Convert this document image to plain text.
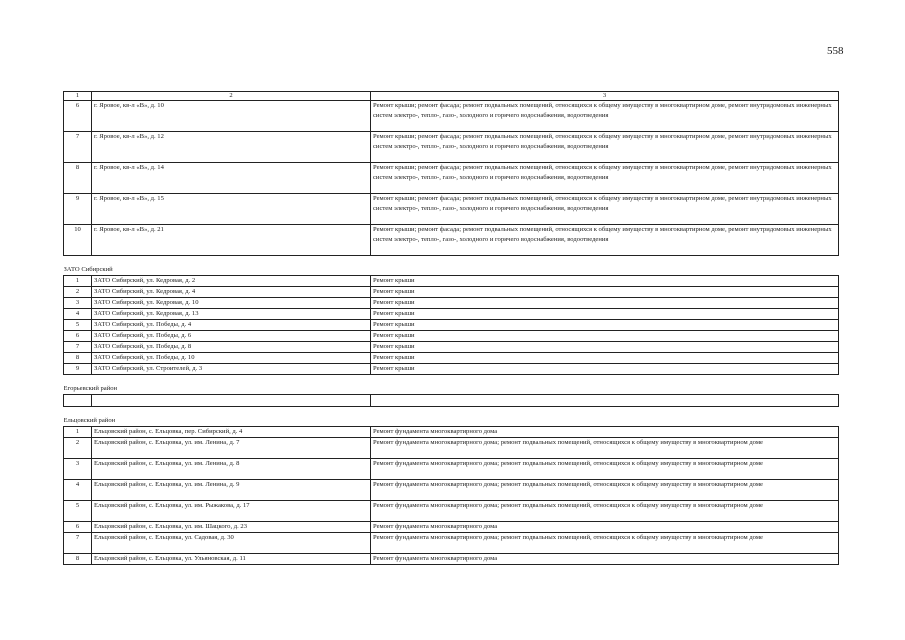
558
1	2	3
6	г. Яровое, кв-л «В», д. 10	Ремонт крыши; ремонт фасада; ремонт подвальных помещений, относящихся к общему имуществу в многоквартирном доме, ремонт внутридомовых инженерных систем электро-, тепло-, газо-, холодного и горячего водоснабжения, водоотведения
7	г. Яровое, кв-л «В», д. 12	Ремонт крыши; ремонт фасада; ремонт подвальных помещений, относящихся к общему имуществу в многоквартирном доме, ремонт внутридомовых инженерных систем электро-, тепло-, газо-, холодного и горячего водоснабжения, водоотведения
8	г. Яровое, кв-л «В», д. 14	Ремонт крыши; ремонт фасада; ремонт подвальных помещений, относящихся к общему имуществу в многоквартирном доме, ремонт внутридомовых инженерных систем электро-, тепло-, газо-, холодного и горячего водоснабжения, водоотведения
9	г. Яровое, кв-л «В», д. 15	Ремонт крыши; ремонт фасада; ремонт подвальных помещений, относящихся к общему имуществу в многоквартирном доме, ремонт внутридомовых инженерных систем электро-, тепло-, газо-, холодного и горячего водоснабжения, водоотведения
10	г. Яровое, кв-л «В», д. 21	Ремонт крыши; ремонт фасада; ремонт подвальных помещений, относящихся к общему имуществу в многоквартирном доме, ремонт внутридомовых инженерных систем электро-, тепло-, газо-, холодного и горячего водоснабжения, водоотведения
ЗАТО Сибирский		
1	ЗАТО Сибирский, ул. Кедровая, д. 2	Ремонт крыши
2	ЗАТО Сибирский, ул. Кедровая, д. 4	Ремонт крыши
3	ЗАТО Сибирский, ул. Кедровая, д. 10	Ремонт крыши
4	ЗАТО Сибирский, ул. Кедровая, д. 13	Ремонт крыши
5	ЗАТО Сибирский, ул. Победы, д. 4	Ремонт крыши
6	ЗАТО Сибирский, ул. Победы, д. 6	Ремонт крыши
7	ЗАТО Сибирский, ул. Победы, д. 8	Ремонт крыши
8	ЗАТО Сибирский, ул. Победы, д. 10	Ремонт крыши
9	ЗАТО Сибирский, ул. Строителей, д. 3	Ремонт крыши
Егорьевский район		

Ельцовский район		
1	Ельцовский район, с. Ельцовка, пер. Сибирский, д. 4	Ремонт фундамента многоквартирного дома
2	Ельцовский район, с. Ельцовка, ул. им. Ленина, д. 7	Ремонт фундамента многоквартирного дома; ремонт подвальных помещений, относящихся к общему имуществу в многоквартирном доме
3	Ельцовский район, с. Ельцовка, ул. им. Ленина, д. 8	Ремонт фундамента многоквартирного дома; ремонт подвальных помещений, относящихся к общему имуществу в многоквартирном доме
4	Ельцовский район, с. Ельцовка, ул. им. Ленина, д. 9	Ремонт фундамента многоквартирного дома; ремонт подвальных помещений, относящихся к общему имуществу в многоквартирном доме
5	Ельцовский район, с. Ельцовка, ул. им. Рыжакова, д. 17	Ремонт фундамента многоквартирного дома; ремонт подвальных помещений, относящихся к общему имуществу в многоквартирном доме
6	Ельцовский район, с. Ельцовка, ул. им. Шацкого, д. 23	Ремонт фундамента многоквартирного дома
7	Ельцовский район, с. Ельцовка, ул. Садовая, д. 30	Ремонт фундамента многоквартирного дома; ремонт подвальных помещений, относящихся к общему имуществу в многоквартирном доме
8	Ельцовский район, с. Ельцовка, ул. Ульяновская, д. 11	Ремонт фундамента многоквартирного дома
